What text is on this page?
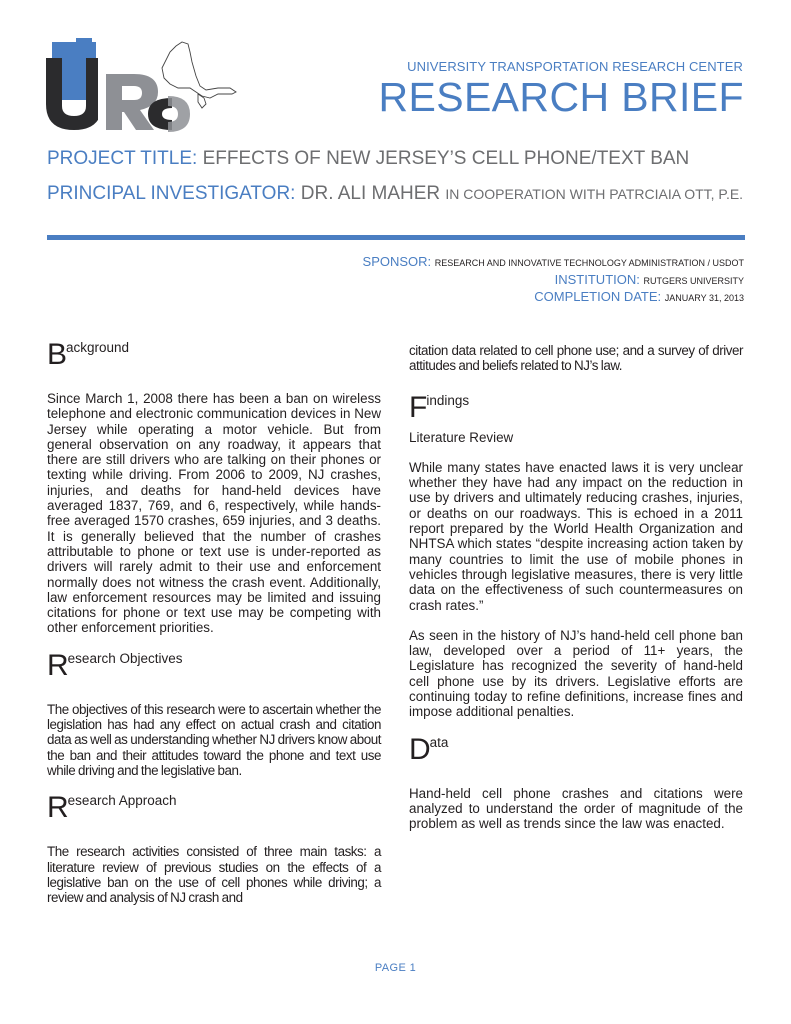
UNIVERSITY TRANSPORTATION RESEARCH CENTER
RESEARCH BRIEF
PROJECT TITLE: EFFECTS OF NEW JERSEY’S CELL PHONE/TEXT BAN
PRINCIPAL INVESTIGATOR: DR. ALI MAHER IN COOPERATION WITH PATRCIAIA OTT, P.E.
SPONSOR: RESEARCH AND INNOVATIVE TECHNOLOGY ADMINISTRATION / USDOT
INSTITUTION: RUTGERS UNIVERSITY
COMPLETION DATE: JANUARY 31, 2013
Background

Since March 1, 2008 there has been a ban on wireless telephone and electronic communication devices in New Jersey while operating a motor vehicle. But from general observation on any roadway, it appears that there are still drivers who are talking on their phones or texting while driving. From 2006 to 2009, NJ crashes, injuries, and deaths for hand-held devices have averaged 1837, 769, and 6, respectively, while hands-free averaged 1570 crashes, 659 injuries, and 3 deaths. It is generally believed that the number of crashes attributable to phone or text use is under-reported as drivers will rarely admit to their use and enforcement normally does not witness the crash event. Additionally, law enforcement resources may be limited and issuing citations for phone or text use may be competing with other enforcement priorities.

Research Objectives

The objectives of this research were to ascertain whether the legislation has had any effect on actual crash and citation data as well as understanding whether NJ drivers know about the ban and their attitudes toward the phone and text use while driving and the legislative ban.

Research Approach

The research activities consisted of three main tasks: a literature review of previous studies on the effects of a legislative ban on the use of cell phones while driving; a review and analysis of NJ crash and

citation data related to cell phone use; and a survey of driver attitudes and beliefs related to NJ’s law.

Findings

Literature Review

While many states have enacted laws it is very unclear whether they have had any impact on the reduction in use by drivers and ultimately reducing crashes, injuries, or deaths on our roadways. This is echoed in a 2011 report prepared by the World Health Organization and NHTSA which states “despite increasing action taken by many countries to limit the use of mobile phones in vehicles through legislative measures, there is very little data on the effectiveness of such countermeasures on crash rates.”

As seen in the history of NJ’s hand-held cell phone ban law, developed over a period of 11+ years, the Legislature has recognized the severity of hand-held cell phone use by its drivers. Legislative efforts are continuing today to refine definitions, increase fines and impose additional penalties.

Data

Hand-held cell phone crashes and citations were analyzed to understand the order of magnitude of the problem as well as trends since the law was enacted.

PAGE 1
